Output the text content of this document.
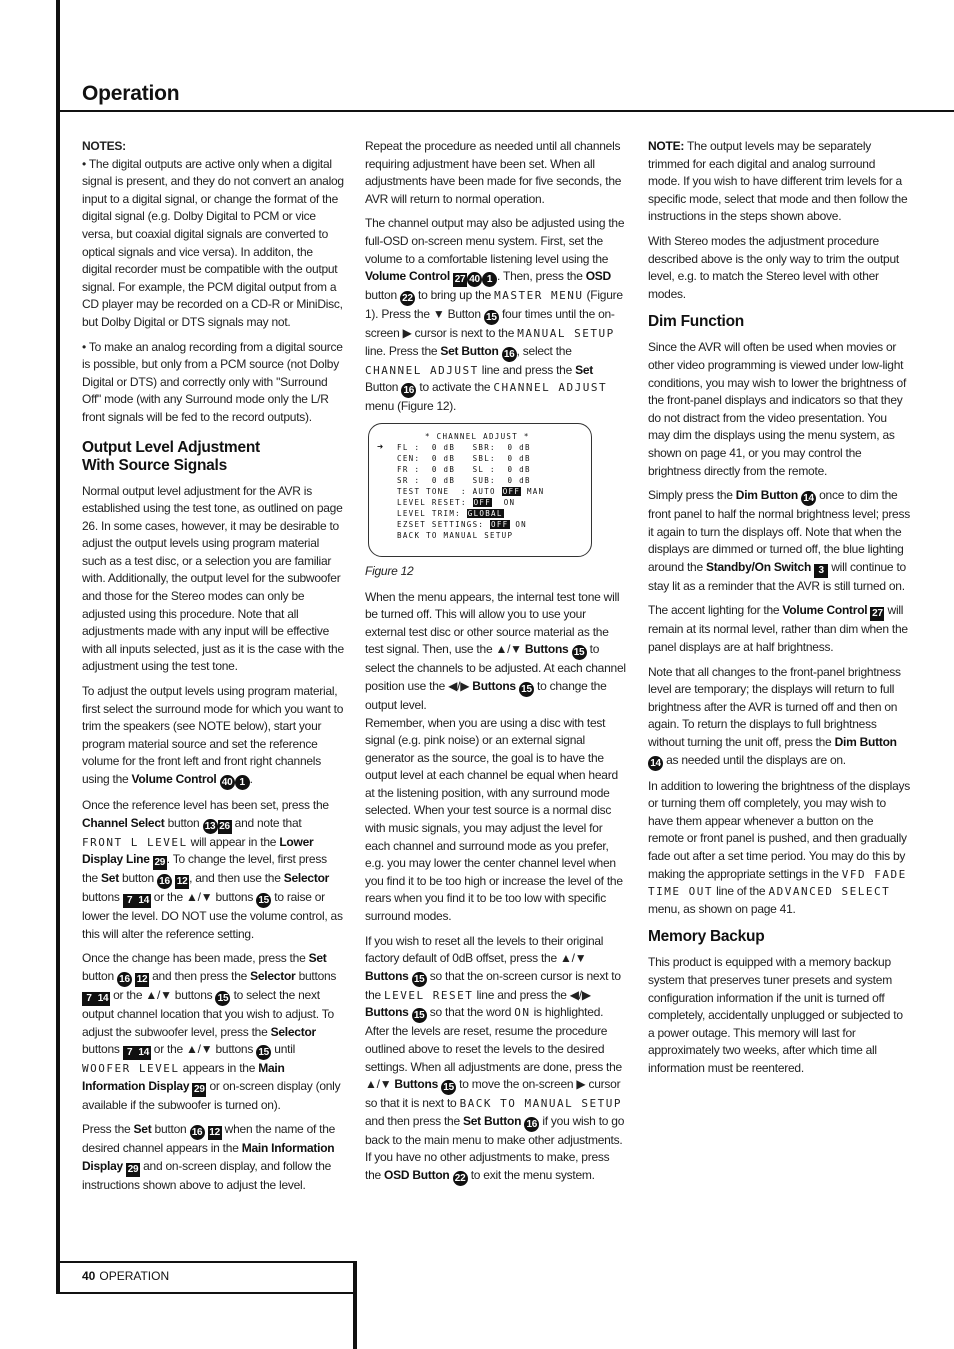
Operation

NOTES:

• The digital outputs are active only when a digital signal is present, and they do not convert an analog input to a digital signal, or change the format of the digital signal (e.g. Dolby Digital to PCM or vice versa, but coaxial digital signals are converted to optical signals and vice versa). In additon, the digital recorder must be compatible with the output signal. For example, the PCM digital output from a CD player may be recorded on a CD-R or MiniDisc, but Dolby Digital or DTS signals may not.

• To make an analog recording from a digital source is possible, but only from a PCM source (not Dolby Digital or DTS) and correctly only with "Surround Off" mode (with any Surround mode only the L/R front signals will be fed to the record outputs).

Output Level Adjustment
With Source Signals

Normal output level adjustment for the AVR is established using the test tone, as outlined on page 26. In some cases, however, it may be desirable to adjust the output levels using program material such as a test disc, or a selection you are familiar with. Additionally, the output level for the subwoofer and those for the Stereo modes can only be adjusted using this procedure. Note that all adjustments made with any input will be effective with all inputs selected, just as it is the case with the adjustment using the test tone.

To adjust the output levels using program material, first select the surround mode for which you want to trim the speakers (see NOTE below), start your program material source and set the reference volume for the front left and front right channels using the Volume Control 40 1 .

Once the reference level has been set, press the Channel Select button 13 26 and note that FRONT L LEVEL will appear in the Lower Display Line 29 . To change the level, first press the Set button 16 12 , and then use the Selector buttons 7 14 or the ▲/▼ buttons 15 to raise or lower the level. DO NOT use the volume control, as this will alter the reference setting.

Once the change has been made, press the Set button 16 12 and then press the Selector buttons 7 14 or the ▲/▼ buttons 15 to select the next output channel location that you wish to adjust. To adjust the subwoofer level, press the Selector buttons 7 14 or the ▲/▼ buttons 15 until WOOFER LEVEL appears in the Main Information Display 29 or on-screen display (only available if the subwoofer is turned on).

Press the Set button 16 12 when the name of the desired channel appears in the Main Information Display 29 and on-screen display, and follow the instructions shown above to adjust the level.

Repeat the procedure as needed until all channels requiring adjustment have been set. When all adjustments have been made for five seconds, the AVR will return to normal operation.

The channel output may also be adjusted using the full-OSD on-screen menu system. First, set the volume to a comfortable listening level using the Volume Control 27 40 1 . Then, press the OSD button 22 to bring up the MASTER MENU (Figure 1). Press the ▼ Button 15 four times until the on-screen ▶ cursor is next to the MANUAL SETUP line. Press the Set Button 16 , select the CHANNEL ADJUST line and press the Set Button 16 to activate the CHANNEL ADJUST menu (Figure 12).

* CHANNEL ADJUST *
➜ FL :  0 dB   SBR:  0 dB
CEN:  0 dB   SBL:  0 dB
FR :  0 dB   SL :  0 dB
SR :  0 dB   SUB:  0 dB
TEST TONE  : AUTO OFF MAN
LEVEL RESET: OFF  ON
LEVEL TRIM: GLOBAL
EZSET SETTINGS: OFF ON
BACK TO MANUAL SETUP
Figure 12

When the menu appears, the internal test tone will be turned off. This will allow you to use your external test disc or other source material as the test signal. Then, use the ▲/▼ Buttons 15 to select the channels to be adjusted. At each channel position use the ◀/▶ Buttons 15 to change the output level.

Remember, when you are using a disc with test signal (e.g. pink noise) or an external signal generator as the source, the goal is to have the output level at each channel be equal when heard at the listening position, with any surround mode selected. When your test source is a normal disc with music signals, you may adjust the level for each channel and surround mode as you prefer, e.g. you may lower the center channel level when you find it to be too high or increase the level of the rears when you find it to be too low with specific surround modes.

If you wish to reset all the levels to their original factory default of 0dB offset, press the ▲/▼ Buttons 15 so that the on-screen cursor is next to the LEVEL RESET line and press the ◀/▶ Buttons 15 so that the word ON is highlighted. After the levels are reset, resume the procedure outlined above to reset the levels to the desired settings. When all adjustments are done, press the ▲/▼ Buttons 15 to move the on-screen ▶ cursor so that it is next to BACK TO MANUAL SETUP and then press the Set Button 16 if you wish to go back to the main menu to make other adjustments. If you have no other adjustments to make, press the OSD Button 22 to exit the menu system.

NOTE: The output levels may be separately trimmed for each digital and analog surround mode. If you wish to have different trim levels for a specific mode, select that mode and then follow the instructions in the steps shown above.

With Stereo modes the adjustment procedure described above is the only way to trim the output level, e.g. to match the Stereo level with other modes.

Dim Function

Since the AVR will often be used when movies or other video programming is viewed under low-light conditions, you may wish to lower the brightness of the front-panel displays and indicators so that they do not distract from the video presentation. You may dim the displays using the menu system, as shown on page 41, or you may control the brightness directly from the remote.

Simply press the Dim Button 14 once to dim the front panel to half the normal brightness level; press it again to turn the displays off. Note that when the displays are dimmed or turned off, the blue lighting around the Standby/On Switch 3 will continue to stay lit as a reminder that the AVR is still turned on.

The accent lighting for the Volume Control 27 will remain at its normal level, rather than dim when the panel displays are at half brightness.

Note that all changes to the front-panel brightness level are temporary; the displays will return to full brightness after the AVR is turned off and then on again. To return the displays to full brightness without turning the unit off, press the Dim Button 14 as needed until the displays are on.

In addition to lowering the brightness of the displays or turning them off completely, you may wish to have them appear whenever a button on the remote or front panel is pushed, and then gradually fade out after a set time period. You may do this by making the appropriate settings in the VFD FADE TIME OUT line of the ADVANCED SELECT menu, as shown on page 41.

Memory Backup

This product is equipped with a memory backup system that preserves tuner presets and system configuration information if the unit is turned off completely, accidentally unplugged or subjected to a power outage. This memory will last for approximately two weeks, after which time all information must be reentered.

40 OPERATION
